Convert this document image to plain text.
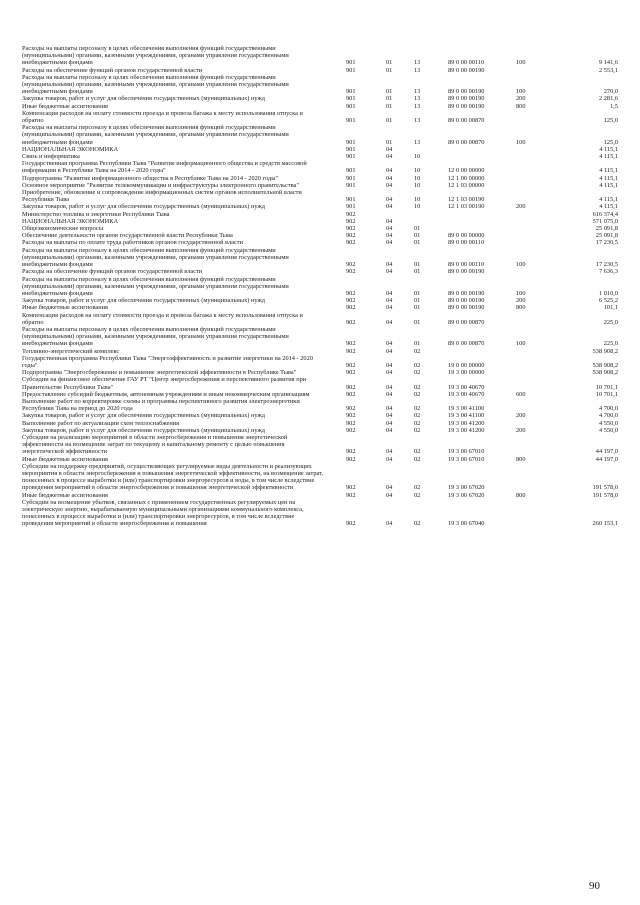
Расходы на выплаты персоналу в целях обеспечения выполнения функций государственными (муниципальными) органами, казенными учреждениями, органами управления государственными внебюджетными фондами	901	01	13	89 0 00 00110	100	9 141,6
Расходы на обеспечение функций органов государственной власти	901	01	13	89 0 00 00190	2 553,1
Расходы на выплаты персоналу в целях обеспечения выполнения функций государственными (муниципальными) органами, казенными учреждениями, органами управления государственными внебюджетными фондами	901	01	13	89 0 00 00190	100	270,0
Закупка товаров, работ и услуг для обеспечения государственных (муниципальных) нужд	901	01	13	89 0 00 00190	200	2 281,6
Иные бюджетные ассигнования	901	01	13	89 0 00 00190	800	1,5
Компенсация расходов на оплату стоимости проезда и провоза багажа к месту использования отпуска и обратно	901	01	13	89 0 00 00870	125,0
Расходы на выплаты персоналу в целях обеспечения выполнения функций государственными (муниципальными) органами, казенными учреждениями, органами управления государственными внебюджетными фондами	901	01	13	89 0 00 00870	100	125,0
НАЦИОНАЛЬНАЯ ЭКОНОМИКА	901	04	4 115,1
Связь и информатика	901	04	10	4 115,1
Государственная программа Республики Тыва "Развитие информационного общества и средств массовой информации в Республике Тыва на 2014 - 2020 годы"	901	04	10	12 0 00 00000	4 115,1
Подпрограмма "Развитие информационного общества в Республике Тыва на 2014 - 2020 годы"	901	04	10	12 1 00 00000	4 115,1
Основное мероприятие "Развитие телекоммуникации и инфраструктуры электронного правительства"	901	04	10	12 1 03 00000	4 115,1
Приобретение, обновление и сопровождение информационных систем органов исполнительной власти Республики Тыва	901	04	10	12 1 03 00190	4 115,1
Закупка товаров, работ и услуг для обеспечения государственных (муниципальных) нужд	901	04	10	12 1 03 00190	200	4 115,1
Министерство топлива и энергетики Республики Тыва	902	616 374,4
НАЦИОНАЛЬНАЯ ЭКОНОМИКА	902	04	571 075,0
Общеэкономические вопросы	902	04	01	25 091,8
Обеспечение деятельности органов государственной власти Республики Тыва	902	04	01	89 0 00 00000	25 091,8
Расходы на выплаты по оплате труда работников органов государственной власти	902	04	01	89 0 00 00110	17 230,5
Расходы на выплаты персоналу в целях обеспечения выполнения функций государственными (муниципальными) органами, казенными учреждениями, органами управления государственными внебюджетными фондами	902	04	01	89 0 00 00110	100	17 230,5
Расходы на обеспечение функций органов государственной власти	902	04	01	89 0 00 00190	7 636,3
Расходы на выплаты персоналу в целях обеспечения выполнения функций государственными (муниципальными) органами, казенными учреждениями, органами управления государственными внебюджетными фондами	902	04	01	89 0 00 00190	100	1 010,0
Закупка товаров, работ и услуг для обеспечения государственных (муниципальных) нужд	902	04	01	89 0 00 00190	200	6 525,2
Иные бюджетные ассигнования	902	04	01	89 0 00 00190	800	101,1
Компенсация расходов на оплату стоимости проезда и провоза багажа к месту использования отпуска и обратно	902	04	01	89 0 00 00870	225,0
Расходы на выплаты персоналу в целях обеспечения выполнения функций государственными (муниципальными) органами, казенными учреждениями, органами управления государственными внебюджетными фондами	902	04	01	89 0 00 00870	100	225,0
Топливно-энергетический комплекс	902	04	02	538 908,2
Государственная программа Республики Тыва "Энергоэффективность и развитие энергетики на 2014 - 2020 годы"	902	04	02	19 0 00 00000	538 908,2
Подпрограмма "Энергосбережение и повышение энергетической эффективности в Республике Тыва"	902	04	02	19 3 00 00000	538 908,2
Субсидии на финансовое обеспечение ГАУ РТ "Центр энергосбережения и перспективного развития при Правительстве Республики Тыва"	902	04	02	19 3 00 40670	10 701,1
Предоставление субсидий бюджетным, автономным учреждениям и иным некоммерческим организациям	902	04	02	19 3 00 40670	600	10 701,1
Выполнение работ по корректировке схемы и программы перспективного развития электроэнергетики Республики Тыва на период до 2020 года	902	04	02	19 3 00 41100	4 700,0
Закупка товаров, работ и услуг для обеспечения государственных (муниципальных) нужд	902	04	02	19 3 00 41100	200	4 700,0
Выполнение работ по актуализации схем теплоснабжения	902	04	02	19 3 00 41200	4 550,0
Закупка товаров, работ и услуг для обеспечения государственных (муниципальных) нужд	902	04	02	19 3 00 41200	200	4 550,0
Субсидии на реализацию мероприятий в области энергосбережения и повышения энергетической эффективности на возмещение затрат по текущему и капитальному ремонту с целью повышения энергетической эффективности	902	04	02	19 3 00 67010	44 197,0
Иные бюджетные ассигнования	902	04	02	19 3 00 67010	800	44 197,0
Субсидии на поддержку предприятий, осуществляющих регулируемые виды деятельности и реализующих мероприятия в области энергосбережения и повышения энергетической эффективности, на возмещение затрат, понесенных в процессе выработки и (или) транспортировки энергоресурсов и воды, в том числе вследствие проведения мероприятий в области энергосбережения и повышения энергетической эффективности	902	04	02	19 3 00 67020	191 578,0
Иные бюджетные ассигнования	902	04	02	19 3 00 67020	800	191 578,0
Субсидии на возмещение убытков, связанных с применением государственных регулируемых цен на электрическую энергию, вырабатываемую муниципальными организациями коммунального комплекса, понесенных в процессе выработки и (или) транспортировки энергоресурсов, в том числе вследствие проведения мероприятий в области энергосбережения и повышения	902	04	02	19 3 00 67040	260 153,1
90
